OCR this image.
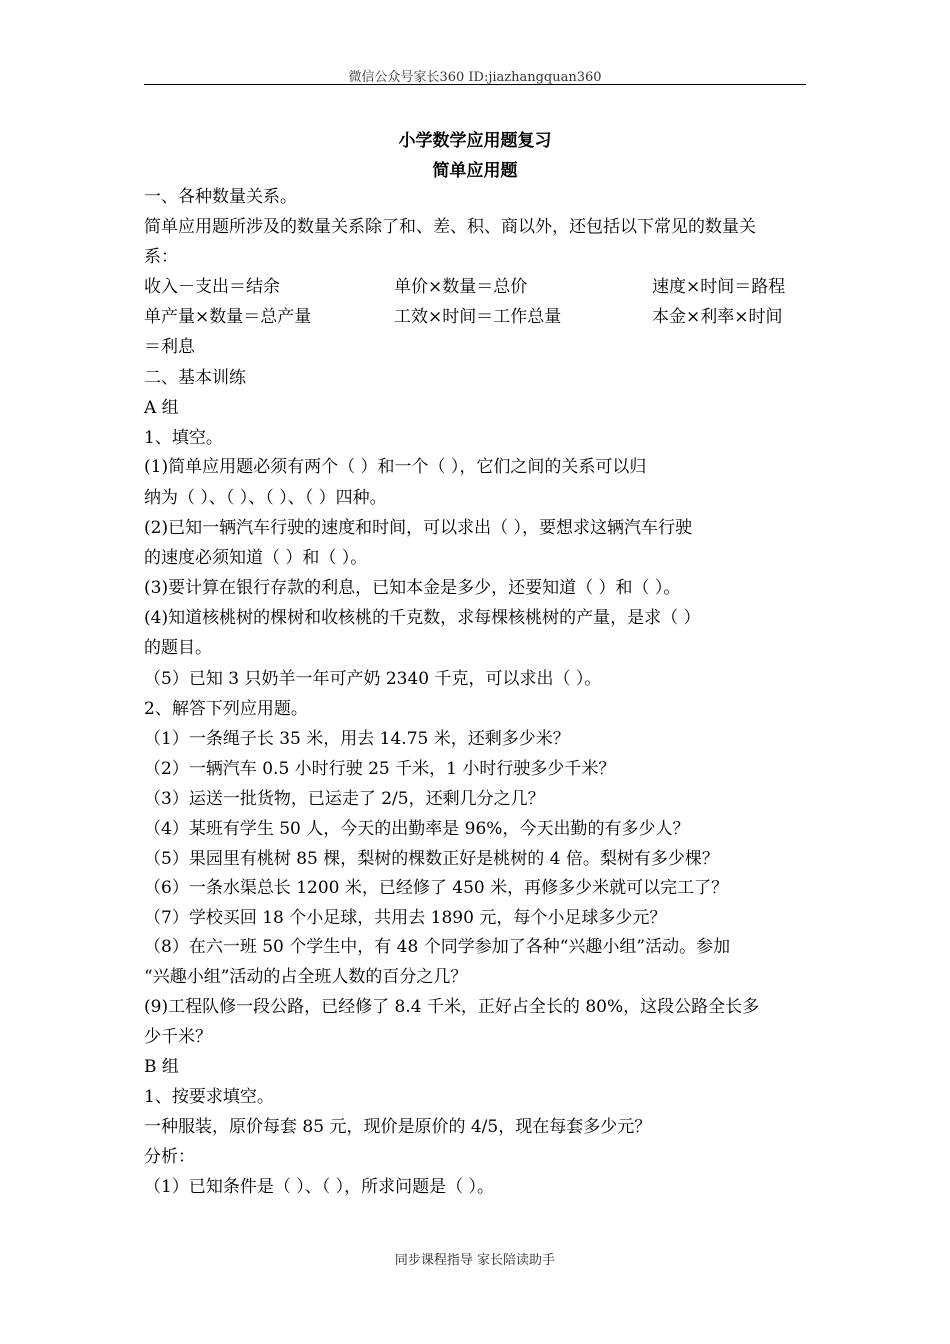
微信公众号家长360 ID:jiazhangquan360
小学数学应用题复习
简单应用题
一、各种数量关系。
简单应用题所涉及的数量关系除了和、差、积、商以外，还包括以下常见的数量关
系：
收入－支出＝结余	单价×数量＝总价	速度×时间＝路程
单产量×数量＝总产量	工效×时间＝工作总量	本金×利率×时间
＝利息
二、基本训练
A 组
1、填空。
(1)简单应用题必须有两个（ ）和一个（ ），它们之间的关系可以归
纳为（ ）、（ ）、（ ）、（ ）四种。
(2)已知一辆汽车行驶的速度和时间，可以求出（ ），要想求这辆汽车行驶
的速度必须知道（ ）和（ ）。
(3)要计算在银行存款的利息，已知本金是多少，还要知道（ ）和（ ）。
(4)知道核桃树的棵树和收核桃的千克数，求每棵核桃树的产量，是求（ ）
的题目。
（5）已知 3 只奶羊一年可产奶 2340 千克，可以求出（ ）。
2、解答下列应用题。
（1）一条绳子长 35 米，用去 14.75 米，还剩多少米？
（2）一辆汽车 0.5 小时行驶 25 千米，1 小时行驶多少千米？
（3）运送一批货物，已运走了 2/5，还剩几分之几？
（4）某班有学生 50 人，今天的出勤率是 96%，今天出勤的有多少人？
（5）果园里有桃树 85 棵，梨树的棵数正好是桃树的 4 倍。梨树有多少棵？
（6）一条水渠总长 1200 米，已经修了 450 米，再修多少米就可以完工了？
（7）学校买回 18 个小足球，共用去 1890 元，每个小足球多少元？
（8）在六一班 50 个学生中，有 48 个同学参加了各种“兴趣小组”活动。参加
“兴趣小组”活动的占全班人数的百分之几？
(9)工程队修一段公路，已经修了 8.4 千米，正好占全长的 80%，这段公路全长多
少千米？
B 组
1、按要求填空。
一种服装，原价每套 85 元，现价是原价的 4/5，现在每套多少元？
分析：
（1）已知条件是（ ）、（ ），所求问题是（ ）。
同步课程指导 家长陪读助手
